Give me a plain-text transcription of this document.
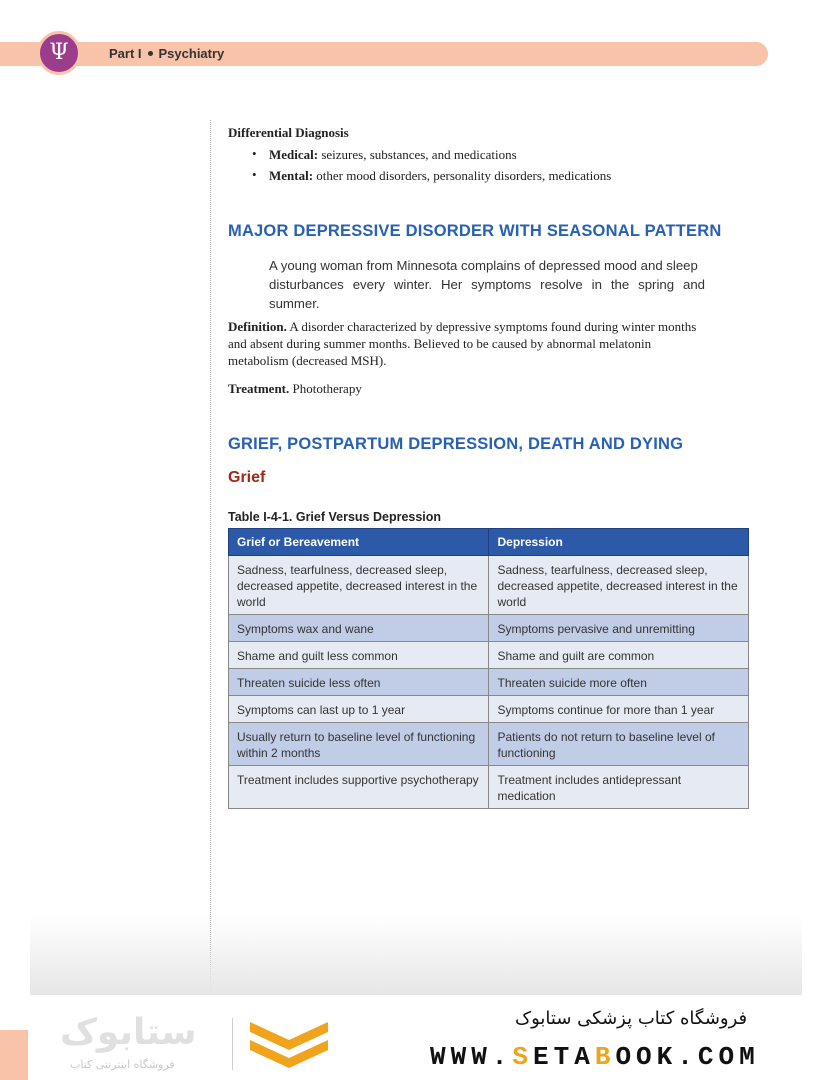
Ψ	Part I Psychiatry
Differential Diagnosis
• Medical: seizures, substances, and medications
• Mental: other mood disorders, personality disorders, medications
MAJOR DEPRESSIVE DISORDER WITH SEASONAL PATTERN
A young woman from Minnesota complains of depressed mood and sleep
disturbances every winter. Her symptoms resolve in the spring and summer.
Definition. A disorder characterized by depressive symptoms found during winter months
and absent during summer months. Believed to be caused by abnormal melatonin
metabolism (decreased MSH).
Treatment. Phototherapy
GRIEF, POSTPARTUM DEPRESSION, DEATH AND DYING
Grief
Table I-4-1. Grief Versus Depression
Grief or Bereavement	Depression
Sadness, tearfulness, decreased sleep, decreased appetite, decreased interest in the world	Sadness, tearfulness, decreased sleep, decreased appetite, decreased interest in the world
Symptoms wax and wane	Symptoms pervasive and unremitting
Shame and guilt less common	Shame and guilt are common
Threaten suicide less often	Threaten suicide more often
Symptoms can last up to 1 year	Symptoms continue for more than 1 year
Usually return to baseline level of functioning within 2 months	Patients do not return to baseline level of functioning
Treatment includes supportive psychotherapy	Treatment includes antidepressant medication
ستابوک
فروشگاه اینترنتی کتاب
فروشگاه کتاب پزشکی ستابوک
WWW.SETABOOK.COM
